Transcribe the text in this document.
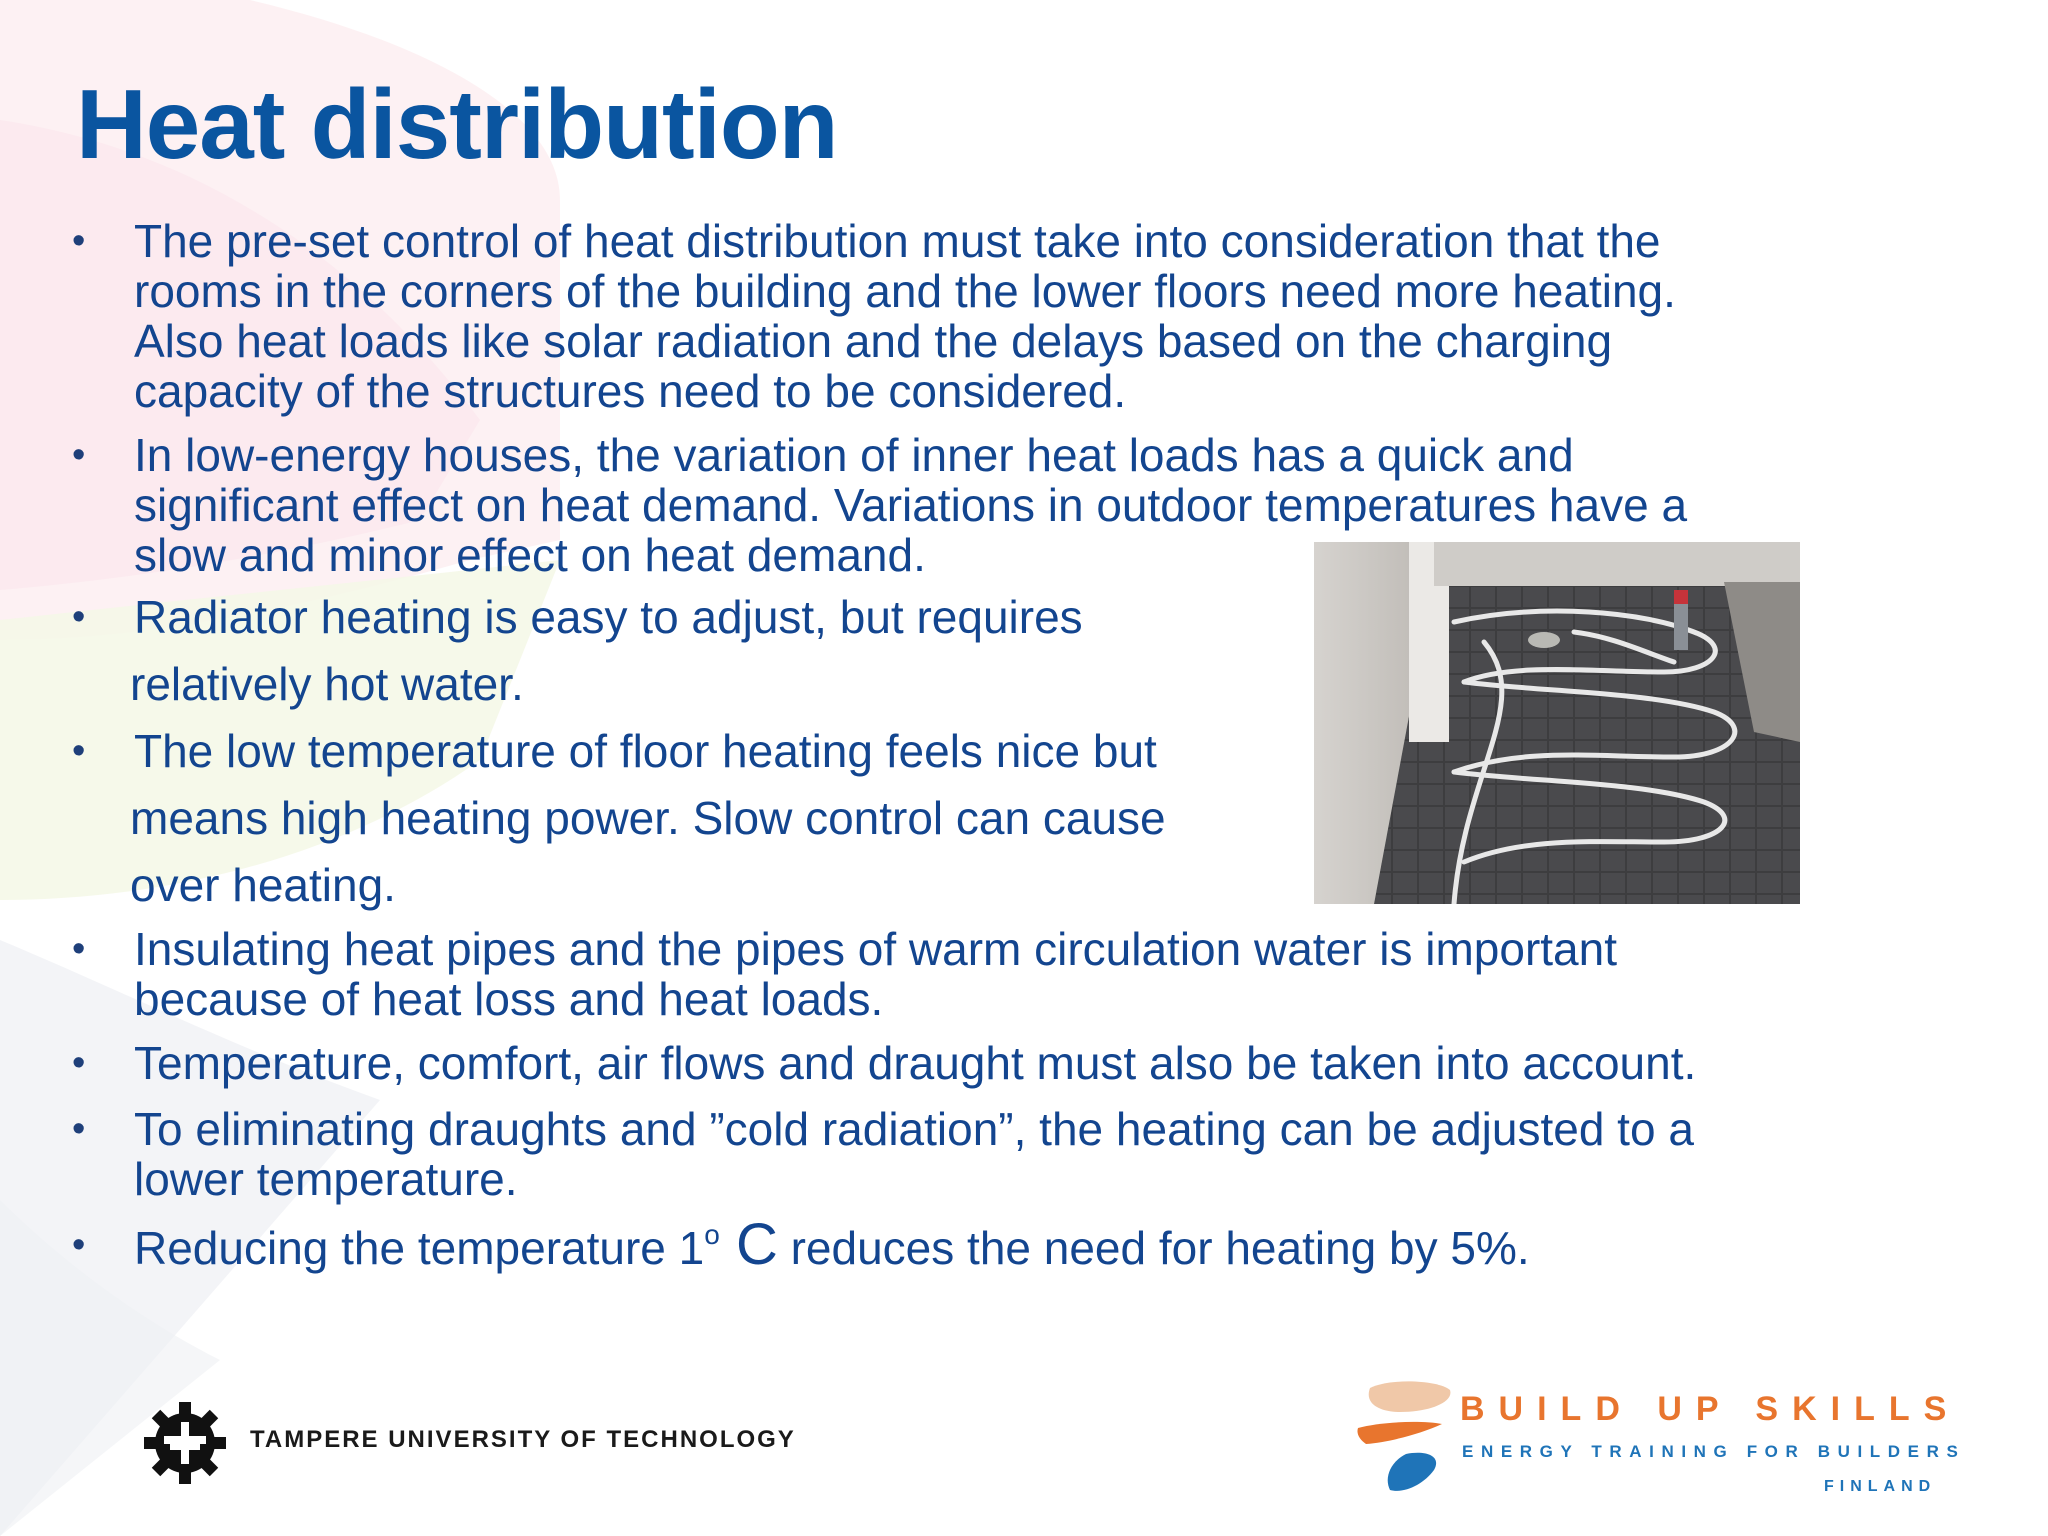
Heat distribution
• The pre-set control of heat distribution must take into consideration that the
rooms in the corners of the building and the lower floors need more heating.
Also heat loads like solar radiation and the delays based on the charging
capacity of the structures need to be considered.
• In low-energy houses, the variation of inner heat loads has a quick and
significant effect on heat demand. Variations in outdoor temperatures have a
slow and minor effect on heat demand.
• Radiator heating is easy to adjust, but requires
relatively hot water.
• The low temperature of floor heating feels nice but
means high heating power. Slow control can cause
over heating.
• Insulating heat pipes and the pipes of warm circulation water is important
because of heat loss and heat loads.
• Temperature, comfort, air flows and draught must also be taken into account.
• To eliminating draughts and ”cold radiation”, the heating can be adjusted to a
lower temperature.
• Reducing the temperature 1$^o$ C reduces the need for heating by 5%.
TAMPERE UNIVERSITY OF TECHNOLOGY
BUILD UP SKILLS
ENERGY TRAINING FOR BUILDERS
FINLAND
